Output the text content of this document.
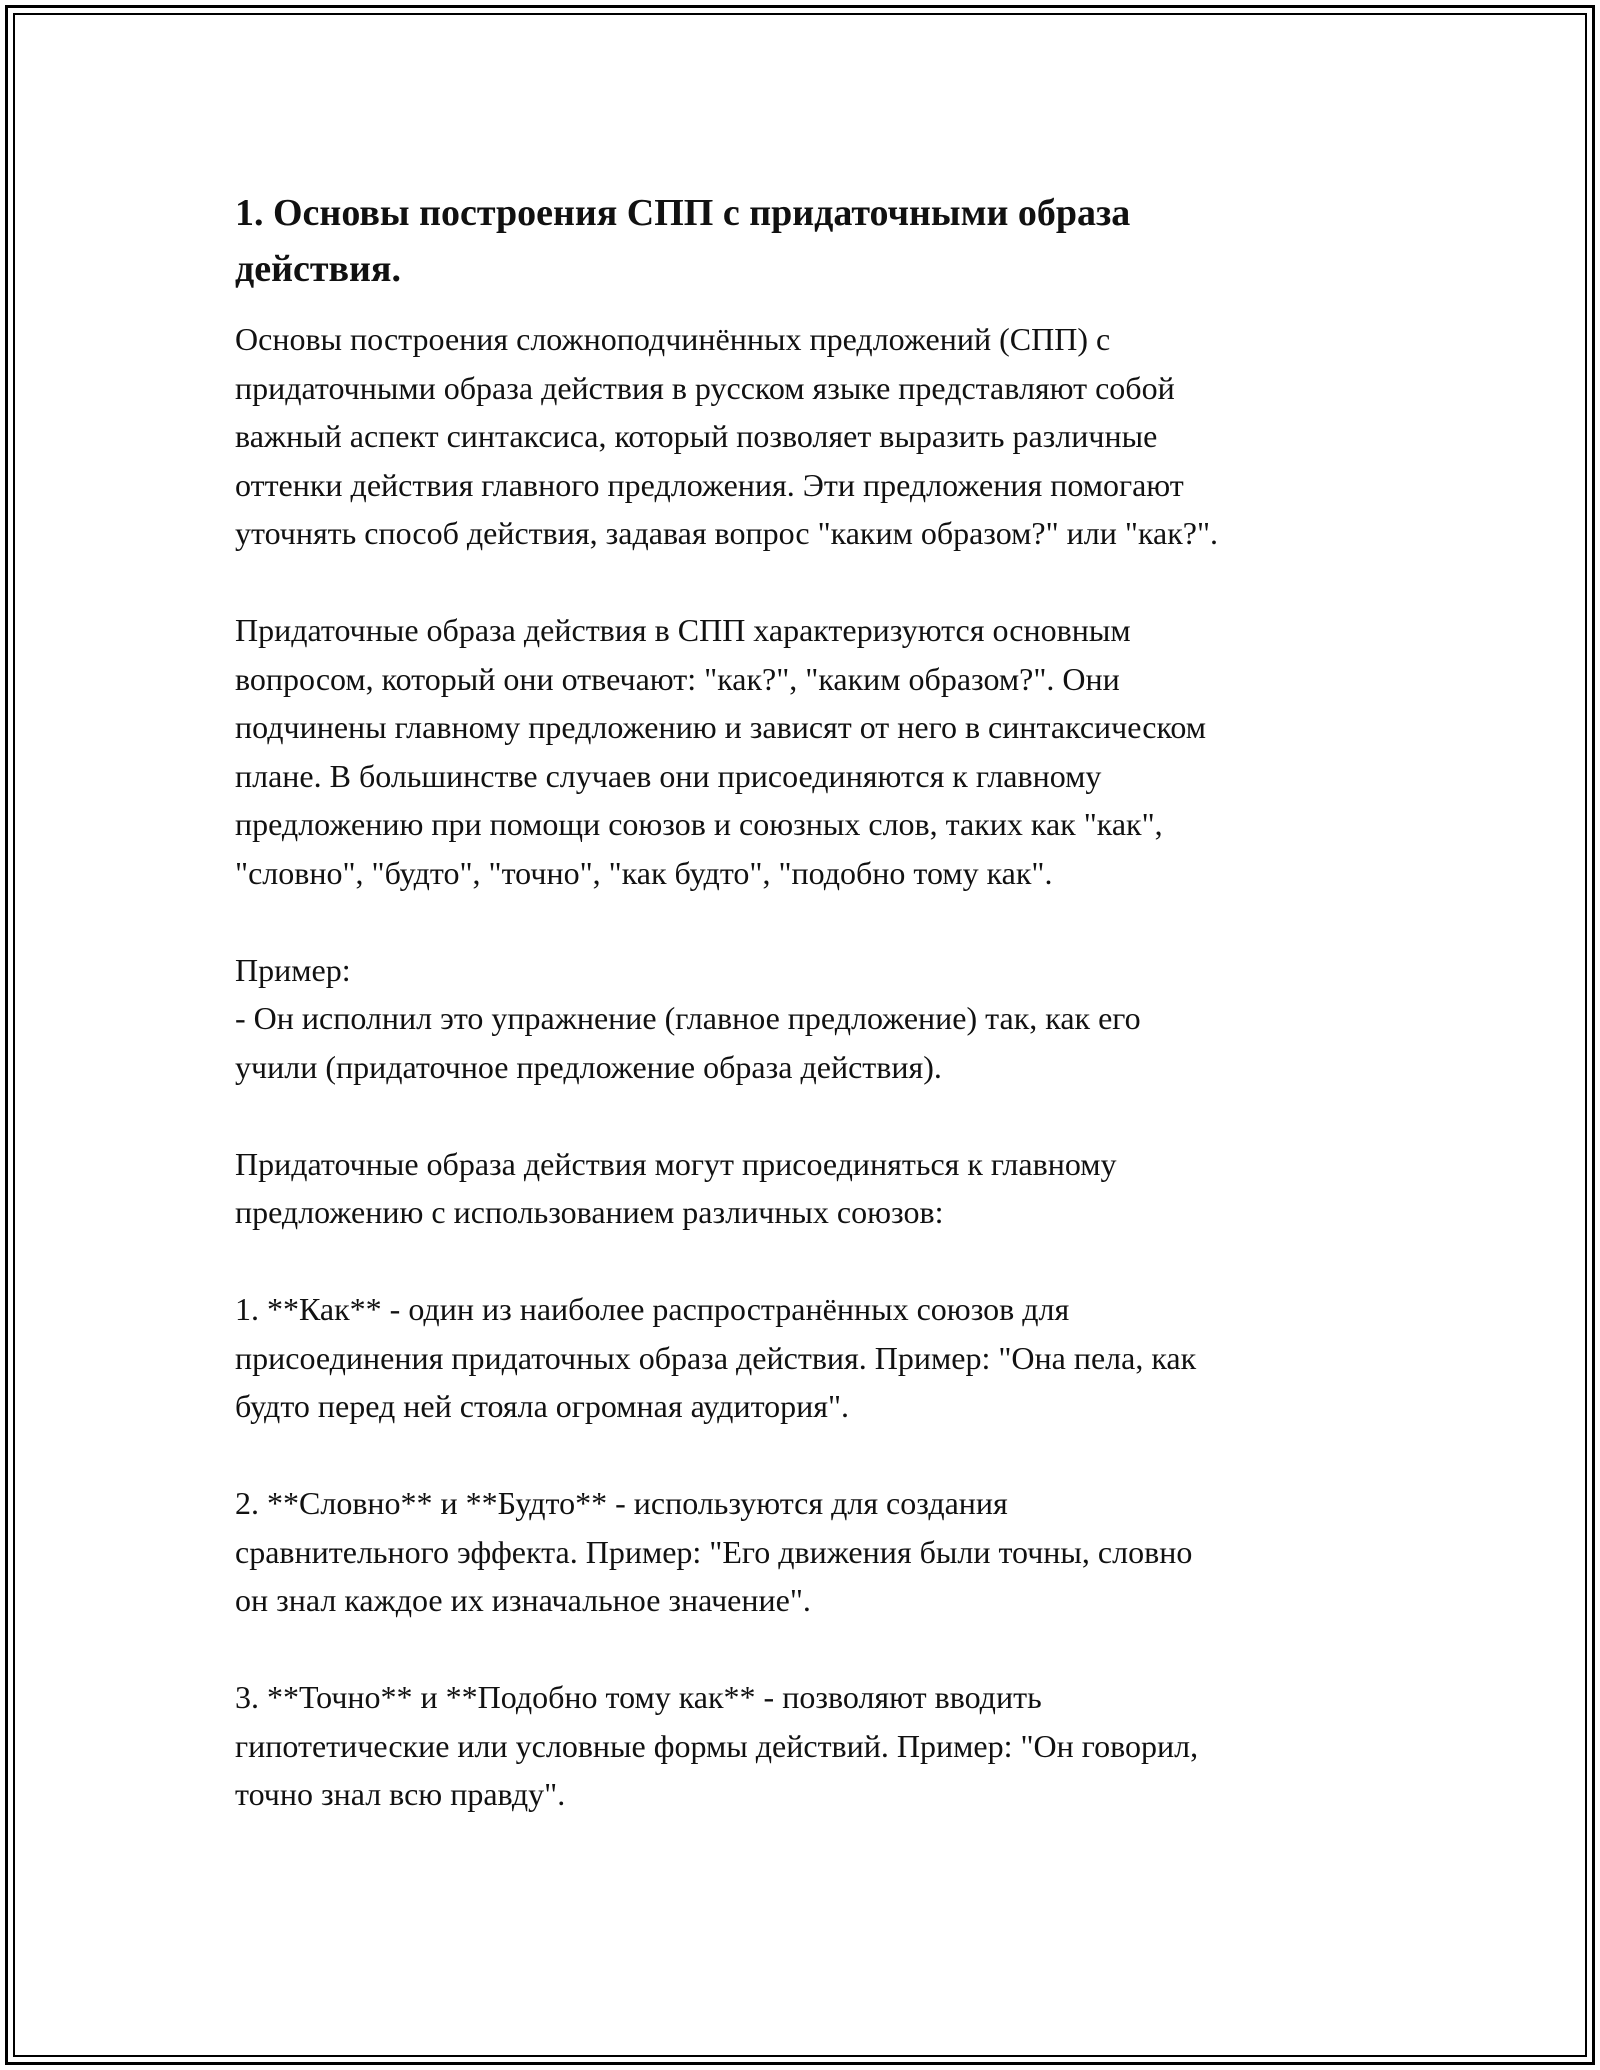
1. Основы построения СПП с придаточными образа
действия.
Основы построения сложноподчинённых предложений (СПП) с
придаточными образа действия в русском языке представляют собой
важный аспект синтаксиса, который позволяет выразить различные
оттенки действия главного предложения. Эти предложения помогают
уточнять способ действия, задавая вопрос "каким образом?" или "как?".

Придаточные образа действия в СПП характеризуются основным
вопросом, который они отвечают: "как?", "каким образом?". Они
подчинены главному предложению и зависят от него в синтаксическом
плане. В большинстве случаев они присоединяются к главному
предложению при помощи союзов и союзных слов, таких как "как",
"словно", "будто", "точно", "как будто", "подобно тому как".

Пример:
- Он исполнил это упражнение (главное предложение) так, как его
учили (придаточное предложение образа действия).

Придаточные образа действия могут присоединяться к главному
предложению с использованием различных союзов:

1. **Как** - один из наиболее распространённых союзов для
присоединения придаточных образа действия. Пример: "Она пела, как
будто перед ней стояла огромная аудитория".

2. **Словно** и **Будто** - используются для создания
сравнительного эффекта. Пример: "Его движения были точны, словно
он знал каждое их изначальное значение".

3. **Точно** и **Подобно тому как** - позволяют вводить
гипотетические или условные формы действий. Пример: "Он говорил,
точно знал всю правду".
